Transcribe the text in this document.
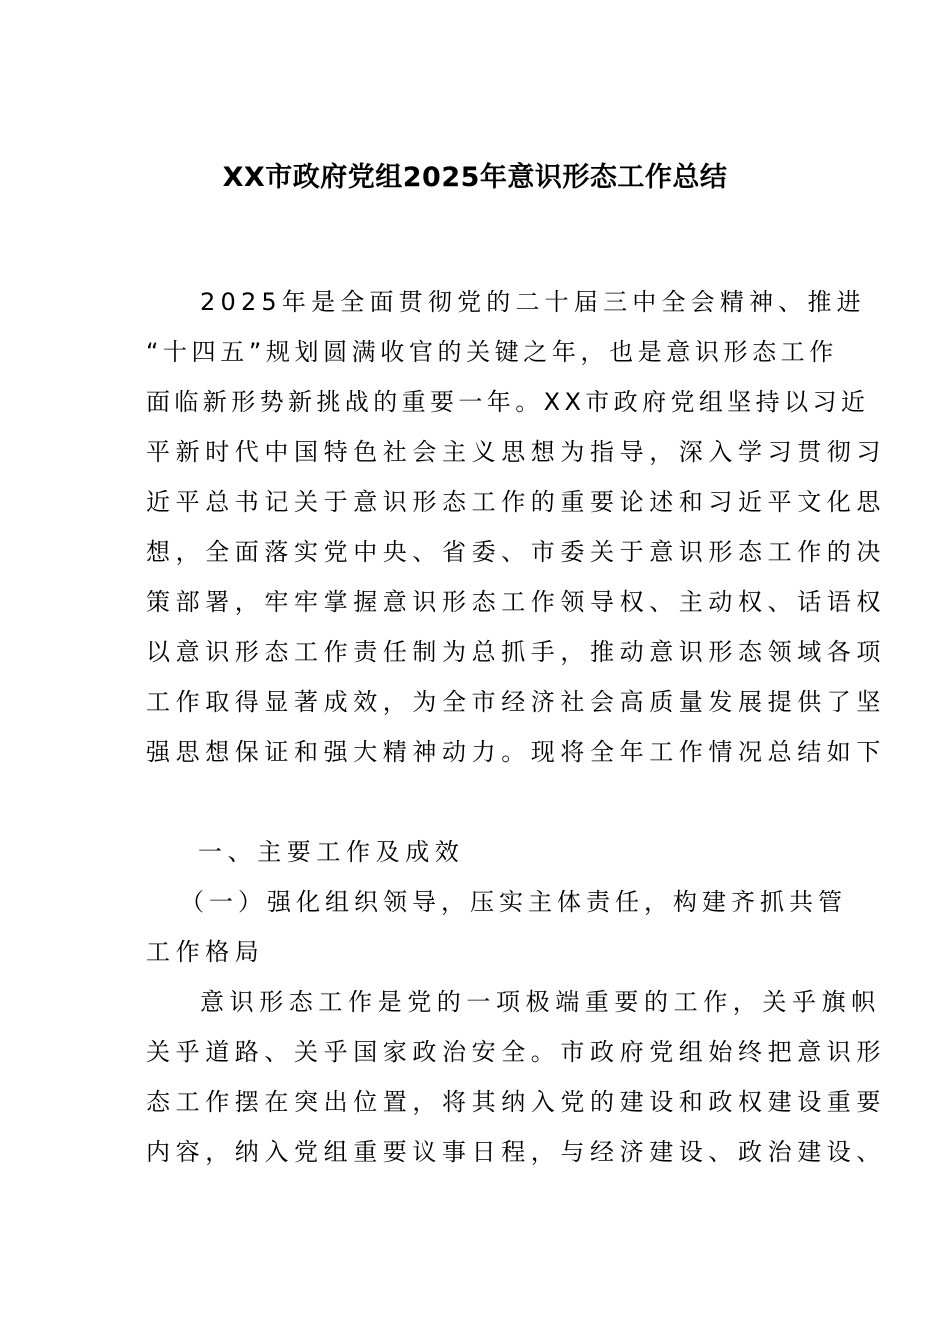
XX市政府党组2025年意识形态工作总结
2025年是全面贯彻党的二十届三中全会精神、推进
“十四五”规划圆满收官的关键之年，也是意识形态工作
面临新形势新挑战的重要一年。XX市政府党组坚持以习近
平新时代中国特色社会主义思想为指导，深入学习贯彻习
近平总书记关于意识形态工作的重要论述和习近平文化思
想，全面落实党中央、省委、市委关于意识形态工作的决
策部署，牢牢掌握意识形态工作领导权、主动权、话语权
以意识形态工作责任制为总抓手，推动意识形态领域各项
工作取得显著成效，为全市经济社会高质量发展提供了坚
强思想保证和强大精神动力。现将全年工作情况总结如下
一、主要工作及成效
（一）强化组织领导，压实主体责任，构建齐抓共管
工作格局
意识形态工作是党的一项极端重要的工作，关乎旗帜
关乎道路、关乎国家政治安全。市政府党组始终把意识形
态工作摆在突出位置，将其纳入党的建设和政权建设重要
内容，纳入党组重要议事日程，与经济建设、政治建设、
